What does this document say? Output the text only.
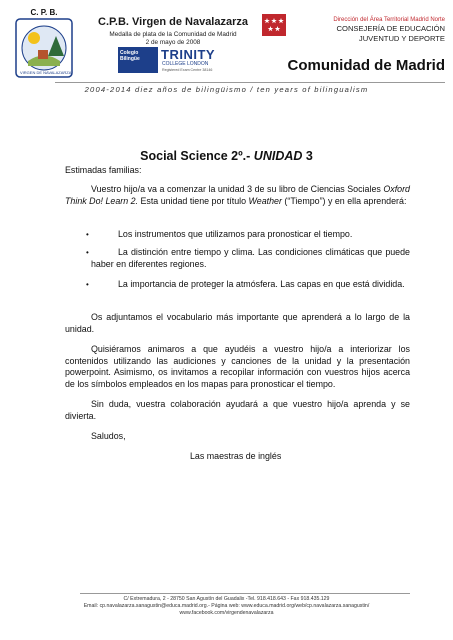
C. P. B.
VIRGEN DE NAVALAZARZA
C.P.B. Virgen de Navalazarza
Medalla de plata de la Comunidad de Madrid
2 de mayo de 2008
Colegio Bilingüe	TRINITY
COLLEGE LONDON
Registered Exam Centre 38146
Dirección del Área Territorial Madrid Norte
CONSEJERÍA DE EDUCACIÓN
JUVENTUD Y DEPORTE
Comunidad de Madrid
2004-2014 diez años de bilingüismo / ten years of bilingualism
Social Science 2º.- UNIDAD 3
Estimadas familias:
Vuestro hijo/a va a comenzar la unidad 3 de su libro de Ciencias Sociales Oxford Think Do! Learn 2. Esta unidad tiene por título Weather (“Tiempo”) y en ella aprenderá:
•	Los instrumentos que utilizamos para pronosticar el tiempo.
•	La distinción entre tiempo y clima. Las condiciones climáticas que puede haber en diferentes regiones.
•	La importancia de proteger la atmósfera. Las capas en que está dividida.
Os adjuntamos el vocabulario más importante que aprenderá a lo largo de la unidad.
Quisiéramos animaros a que ayudéis a vuestro hijo/a a interiorizar los contenidos utilizando las audiciones y canciones de la unidad y la presentación powerpoint. Asimismo, os invitamos a recopilar información con vuestros hijos acerca de los símbolos empleados en los mapas para pronosticar el tiempo.
Sin duda, vuestra colaboración ayudará a que vuestro hijo/a aprenda y se divierta.
Saludos,
Las maestras de inglés
C/ Extremadura, 2 - 28750 San Agustín del Guadalix -Tel. 918.418.643 - Fax 918.435.129
Email: cp.navalazarza.sanagustin@educa.madrid.org.- Página web: www.educa.madrid.org/web/cp.navalazarza.sanagustin/
www.facebook.com/virgendenavalazarza
